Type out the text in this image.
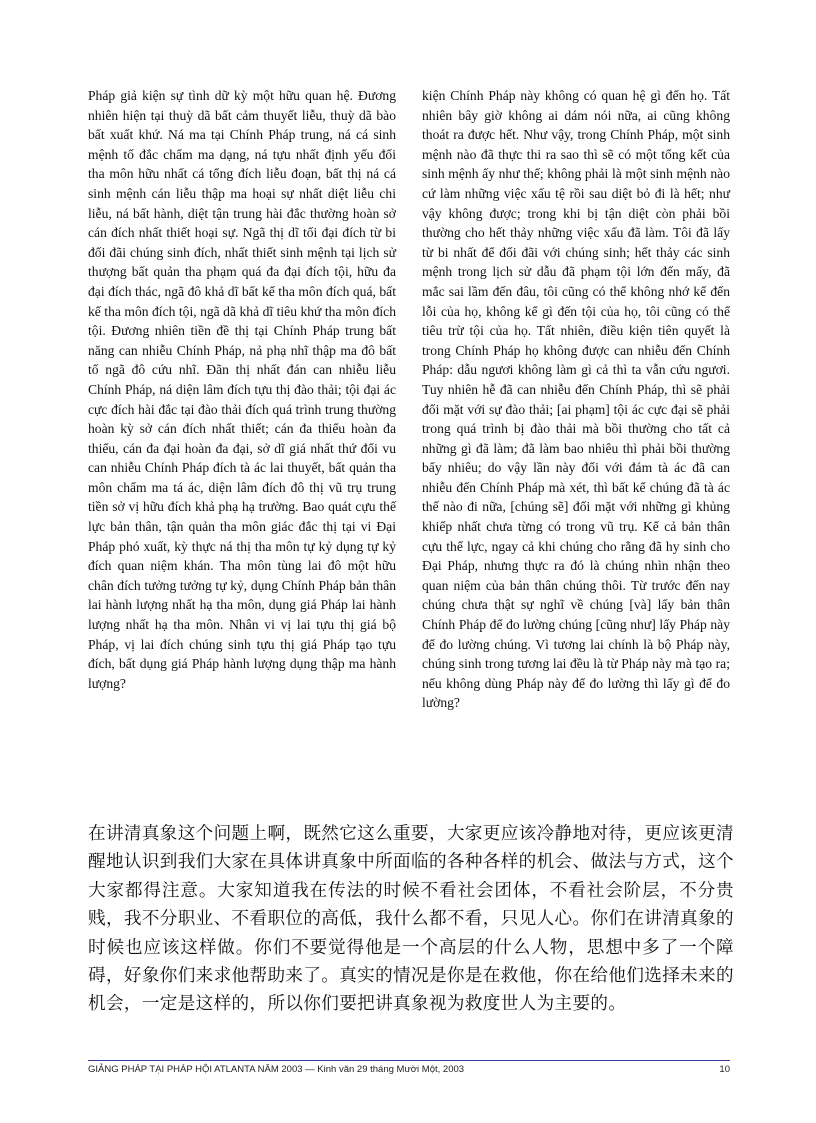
Pháp giả kiện sự tình dữ kỳ một hữu quan hệ. Đương nhiên hiện tại thuỳ dã bất cảm thuyết liễu, thuỳ dã bào bất xuất khứ. Ná ma tại Chính Pháp trung, ná cá sinh mệnh tố đắc chẩm ma dạng, ná tựu nhất định yếu đối tha môn hữu nhất cá tổng đích liễu đoạn, bất thị ná cá sinh mệnh cán liễu thập ma hoại sự nhất diệt liễu chi liễu, ná bất hành, diệt tận trung hài đắc thường hoàn sở cán đích nhất thiết hoại sự. Ngã thị dĩ tối đại đích từ bi đối đãi chúng sinh đích, nhất thiết sinh mệnh tại lịch sử thượng bất quản tha phạm quá đa đại đích tội, hữu đa đại đích thác, ngã đô khả dĩ bất kế tha môn đích quá, bất kế tha môn đích tội, ngã dã khả dĩ tiêu khứ tha môn đích tội. Đương nhiên tiền đề thị tại Chính Pháp trung bất năng can nhiễu Chính Pháp, nả phạ nhĩ thập ma đô bất tố ngã đô cứu nhĩ. Đãn thị nhất đán can nhiễu liễu Chính Pháp, ná diện lâm đích tựu thị đào thải; tội đại ác cực đích hài đắc tại đào thải đích quá trình trung thường hoàn kỳ sở cán đích nhất thiết; cán đa thiểu hoàn đa thiểu, cán đa đại hoàn đa đại, sở dĩ giá nhất thứ đối vu can nhiễu Chính Pháp đích tà ác lai thuyết, bất quản tha môn chẩm ma tá ác, diện lâm đích đô thị vũ trụ trung tiền sở vị hữu đích khả phạ hạ trường. Bao quát cựu thế lực bản thân, tận quản tha môn giác đắc thị tại vi Đại Pháp phó xuất, kỳ thực ná thị tha môn tự kỷ dụng tự kỷ đích quan niệm khán. Tha môn tùng lai đô một hữu chân đích tưởng tưởng tự kỷ, dụng Chính Pháp bản thân lai hành lượng nhất hạ tha môn, dụng giá Pháp lai hành lượng nhất hạ tha môn. Nhân vi vị lai tựu thị giá bộ Pháp, vị lai đích chúng sinh tựu thị giá Pháp tạo tựu đích, bất dụng giá Pháp hành lượng dụng thập ma hành lượng?

kiện Chính Pháp này không có quan hệ gì đến họ. Tất nhiên bây giờ không ai dám nói nữa, ai cũng không thoát ra được hết. Như vậy, trong Chính Pháp, một sinh mệnh nào đã thực thi ra sao thì sẽ có một tổng kết của sinh mệnh ấy như thế; không phải là một sinh mệnh nào cứ làm những việc xấu tệ rồi sau diệt bỏ đi là hết; như vậy không được; trong khi bị tận diệt còn phải bồi thường cho hết thảy những việc xấu đã làm. Tôi đã lấy từ bi nhất để đối đãi với chúng sinh; hết thảy các sinh mệnh trong lịch sử dẫu đã phạm tội lớn đến mấy, đã mắc sai lầm đến đâu, tôi cũng có thể không nhớ kể đến lỗi của họ, không kể gì đến tội của họ, tôi cũng có thể tiêu trừ tội của họ. Tất nhiên, điều kiện tiên quyết là trong Chính Pháp họ không được can nhiễu đến Chính Pháp: dẫu ngươi không làm gì cả thì ta vẫn cứu ngươi. Tuy nhiên hễ đã can nhiễu đến Chính Pháp, thì sẽ phải đối mặt với sự đào thải; [ai phạm] tội ác cực đại sẽ phải trong quá trình bị đào thải mà bồi thường cho tất cả những gì đã làm; đã làm bao nhiêu thì phải bồi thường bấy nhiêu; do vậy lần này đối với đám tà ác đã can nhiễu đến Chính Pháp mà xét, thì bất kể chúng đã tà ác thế nào đi nữa, [chúng sẽ] đối mặt với những gì khủng khiếp nhất chưa từng có trong vũ trụ. Kể cả bản thân cựu thế lực, ngay cả khi chúng cho rằng đã hy sinh cho Đại Pháp, nhưng thực ra đó là chúng nhìn nhận theo quan niệm của bản thân chúng thôi. Từ trước đến nay chúng chưa thật sự nghĩ về chúng [và] lấy bản thân Chính Pháp để đo lường chúng [cũng như] lấy Pháp này để đo lường chúng. Vì tương lai chính là bộ Pháp này, chúng sinh trong tương lai đều là từ Pháp này mà tạo ra; nếu không dùng Pháp này để đo lường thì lấy gì để đo lường?

在讲清真象这个问题上啊，既然它这么重要，大家更应该冷静地对待，更应该更清醒地认识到我们大家在具体讲真象中所面临的各种各样的机会、做法与方式，这个大家都得注意。大家知道我在传法的时候不看社会团体，不看社会阶层，不分贵贱，我不分职业、不看职位的高低，我什么都不看，只见人心。你们在讲清真象的时候也应该这样做。你们不要觉得他是一个高层的什么人物，思想中多了一个障碍，好象你们来求他帮助来了。真实的情况是你是在救他，你在给他们选择未来的机会，一定是这样的，所以你们要把讲真象视为救度世人为主要的。

GIẢNG PHÁP TẠI PHÁP HỘI ATLANTA NĂM 2003 — Kinh văn 29 tháng Mười Một, 2003	10
